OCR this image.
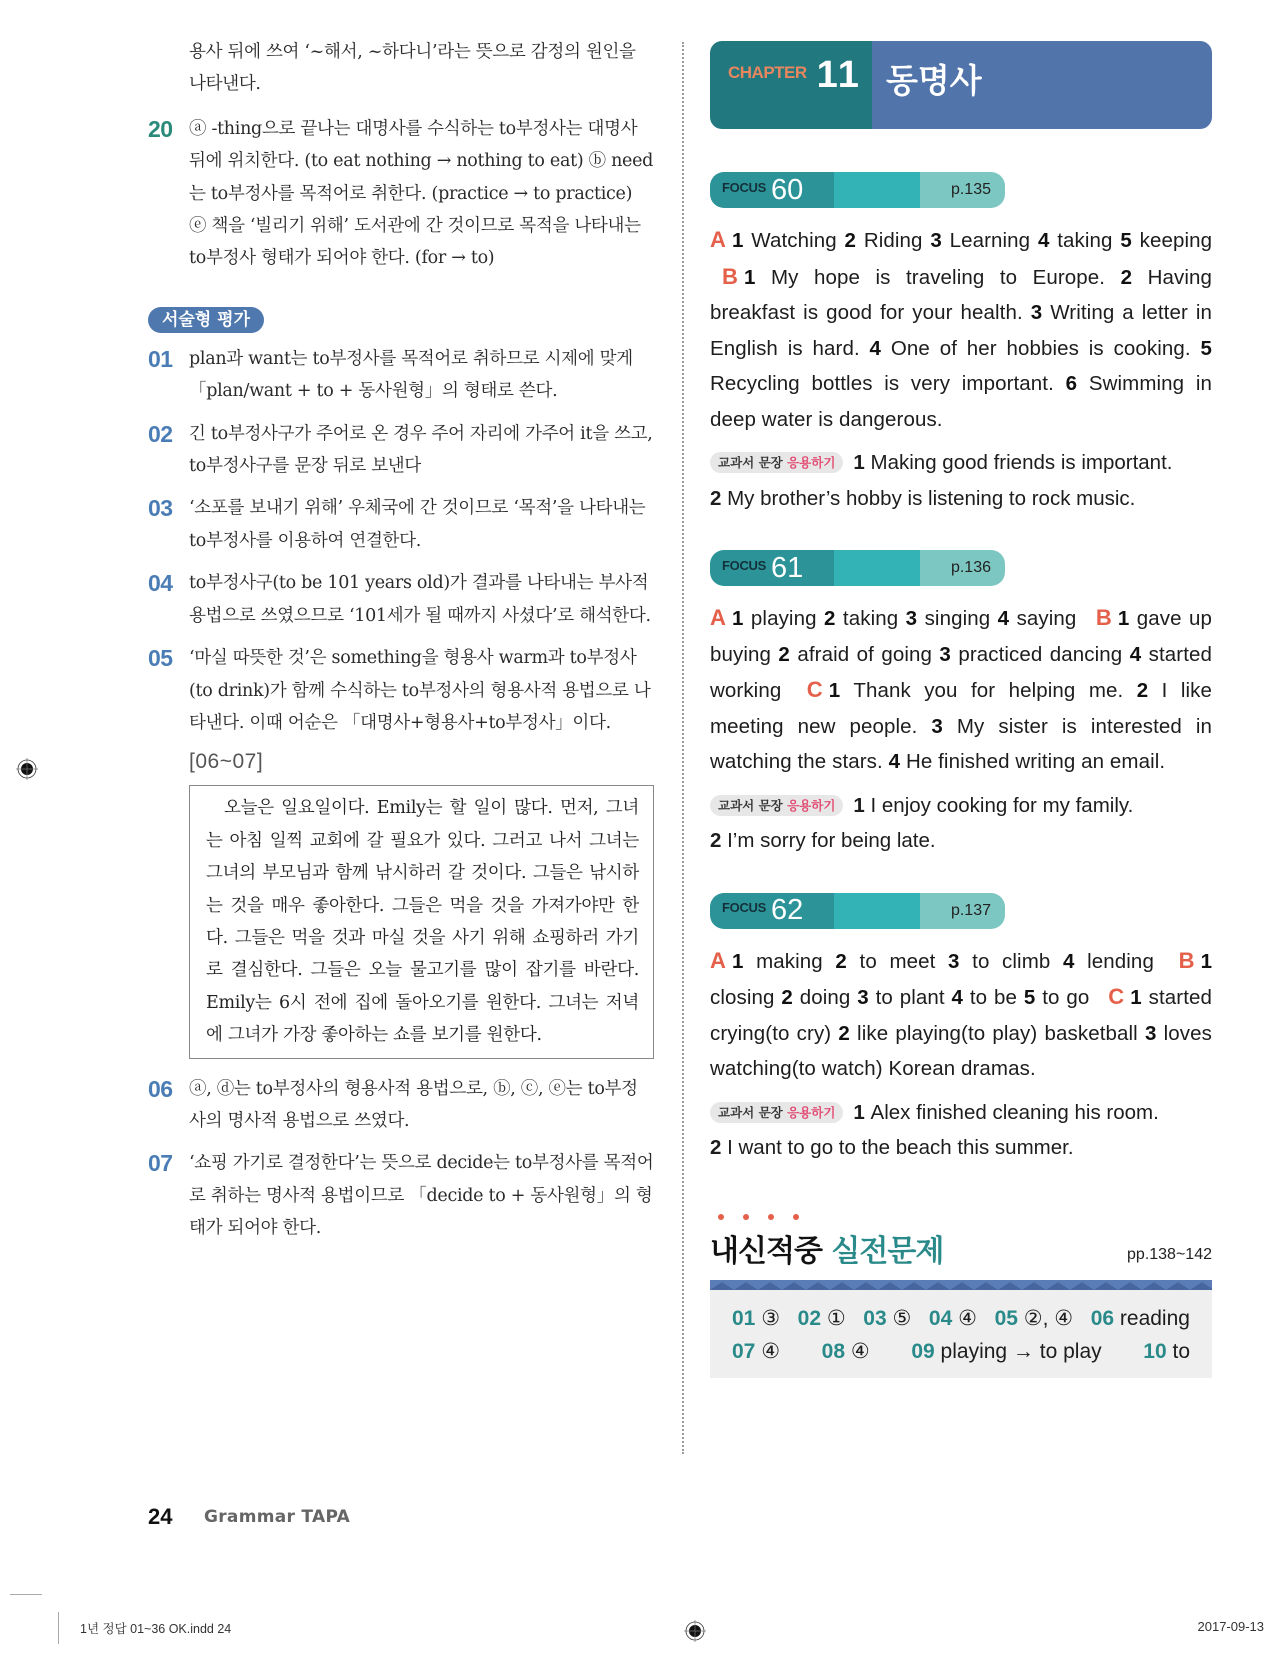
용사 뒤에 쓰여 ‘~해서, ~하다니’라는 뜻으로 감정의 원인을 나타낸다.

20 ⓐ -thing으로 끝나는 대명사를 수식하는 to부정사는 대명사 뒤에 위치한다. (to eat nothing → nothing to eat) ⓑ need는 to부정사를 목적어로 취한다. (practice → to practice) ⓔ 책을 ‘빌리기 위해’ 도서관에 간 것이므로 목적을 나타내는 to부정사 형태가 되어야 한다. (for → to)
서술형 평가
01 plan과 want는 to부정사를 목적어로 취하므로 시제에 맞게 「plan/want + to + 동사원형」의 형태로 쓴다.
02 긴 to부정사구가 주어로 온 경우 주어 자리에 가주어 it을 쓰고, to부정사구를 문장 뒤로 보낸다
03 ‘소포를 보내기 위해’ 우체국에 간 것이므로 ‘목적’을 나타내는 to부정사를 이용하여 연결한다.
04 to부정사구(to be 101 years old)가 결과를 나타내는 부사적 용법으로 쓰였으므로 ‘101세가 될 때까지 사셨다’로 해석한다.
05 ‘마실 따뜻한 것’은 something을 형용사 warm과 to부정사(to drink)가 함께 수식하는 to부정사의 형용사적 용법으로 나타낸다. 이때 어순은 「대명사+형용사+to부정사」이다.
[06~07]

오늘은 일요일이다. Emily는 할 일이 많다. 먼저, 그녀는 아침 일찍 교회에 갈 필요가 있다. 그러고 나서 그녀는 그녀의 부모님과 함께 낚시하러 갈 것이다. 그들은 낚시하는 것을 매우 좋아한다. 그들은 먹을 것을 가져가야만 한다. 그들은 먹을 것과 마실 것을 사기 위해 쇼핑하러 가기로 결심한다. 그들은 오늘 물고기를 많이 잡기를 바란다. Emily는 6시 전에 집에 돌아오기를 원한다. 그녀는 저녁에 그녀가 가장 좋아하는 쇼를 보기를 원한다.

06 ⓐ, ⓓ는 to부정사의 형용사적 용법으로, ⓑ, ⓒ, ⓔ는 to부정사의 명사적 용법으로 쓰였다.
07 ‘쇼핑 가기로 결정한다’는 뜻으로 decide는 to부정사를 목적어로 취하는 명사적 용법이므로 「decide to + 동사원형」의 형태가 되어야 한다.
CHAPTER 11 동명사
FOCUS 60	p.135
A 1 Watching 2 Riding 3 Learning 4 taking 5 keeping B 1 My hope is traveling to Europe. 2 Having breakfast is good for your health. 3 Writing a letter in English is hard. 4 One of her hobbies is cooking. 5 Recycling bottles is very important. 6 Swimming in deep water is dangerous.
교과서 문장 응용하기 1
Making good friends is important.
2 My brother’s hobby is listening to rock music.
FOCUS 61	p.136
A 1 playing 2 taking 3 singing 4 saying B 1 gave up buying 2 afraid of going 3 practiced dancing 4 started working C 1 Thank you for helping me. 2 I like meeting new people. 3 My sister is interested in watching the stars. 4 He finished writing an email.
교과서 문장 응용하기 1
I enjoy cooking for my family.
2 I’m sorry for being late.
FOCUS 62	p.137
A 1 making 2 to meet 3 to climb 4 lending B 1 closing 2 doing 3 to plant 4 to be 5 to go C 1 started crying(to cry) 2 like playing(to play) basketball 3 loves watching(to watch) Korean dramas.
교과서 문장 응용하기 1
Alex finished cleaning his room.
2 I want to go to the beach this summer.
내신적중 실전문제	pp.138~142
01 ③ 02 ① 03 ⑤ 04 ④ 05 ②, ④ 06 reading
07 ④ 08 ④ 09 playing → to play 10 to
24 Grammar TAPA
1년 정답 01~36 OK.indd 24	2017-09-13
